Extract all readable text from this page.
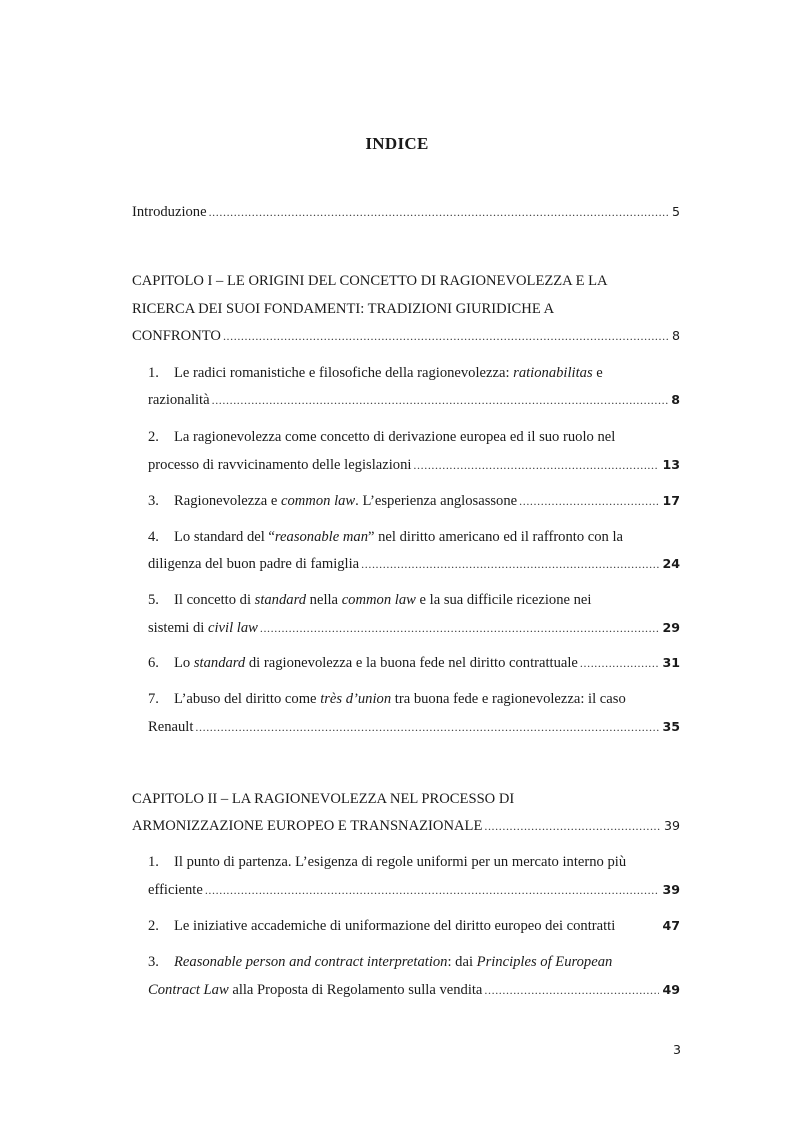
INDICE
Introduzione .....	5
CAPITOLO I – LE ORIGINI DEL CONCETTO DI RAGIONEVOLEZZA E LA
RICERCA DEI SUOI FONDAMENTI: TRADIZIONI GIURIDICHE A
CONFRONTO .....	8
1. Le radici romanistiche e filosofiche della ragionevolezza: rationabilitas e
razionalità .....	8
2. La ragionevolezza come concetto di derivazione europea ed il suo ruolo nel
processo di ravvicinamento delle legislazioni .....	13
3. Ragionevolezza e common law. L’esperienza anglosassone .....	17
4. Lo standard del “reasonable man” nel diritto americano ed il raffronto con la
diligenza del buon padre di famiglia .....	24
5. Il concetto di standard nella common law e la sua difficile ricezione nei
sistemi di civil law .....	29
6. Lo standard di ragionevolezza e la buona fede nel diritto contrattuale .....	31
7. L’abuso del diritto come très d’union tra buona fede e ragionevolezza: il caso
Renault .....	35
CAPITOLO II – LA RAGIONEVOLEZZA NEL PROCESSO DI
ARMONIZZAZIONE EUROPEO E TRANSNAZIONALE .....	39
1. Il punto di partenza. L’esigenza di regole uniformi per un mercato interno più
efficiente .....	39
2. Le iniziative accademiche di uniformazione del diritto europeo dei contratti	47
3. Reasonable person and contract interpretation: dai Principles of European
Contract Law alla Proposta di Regolamento sulla vendita .....	49
3
